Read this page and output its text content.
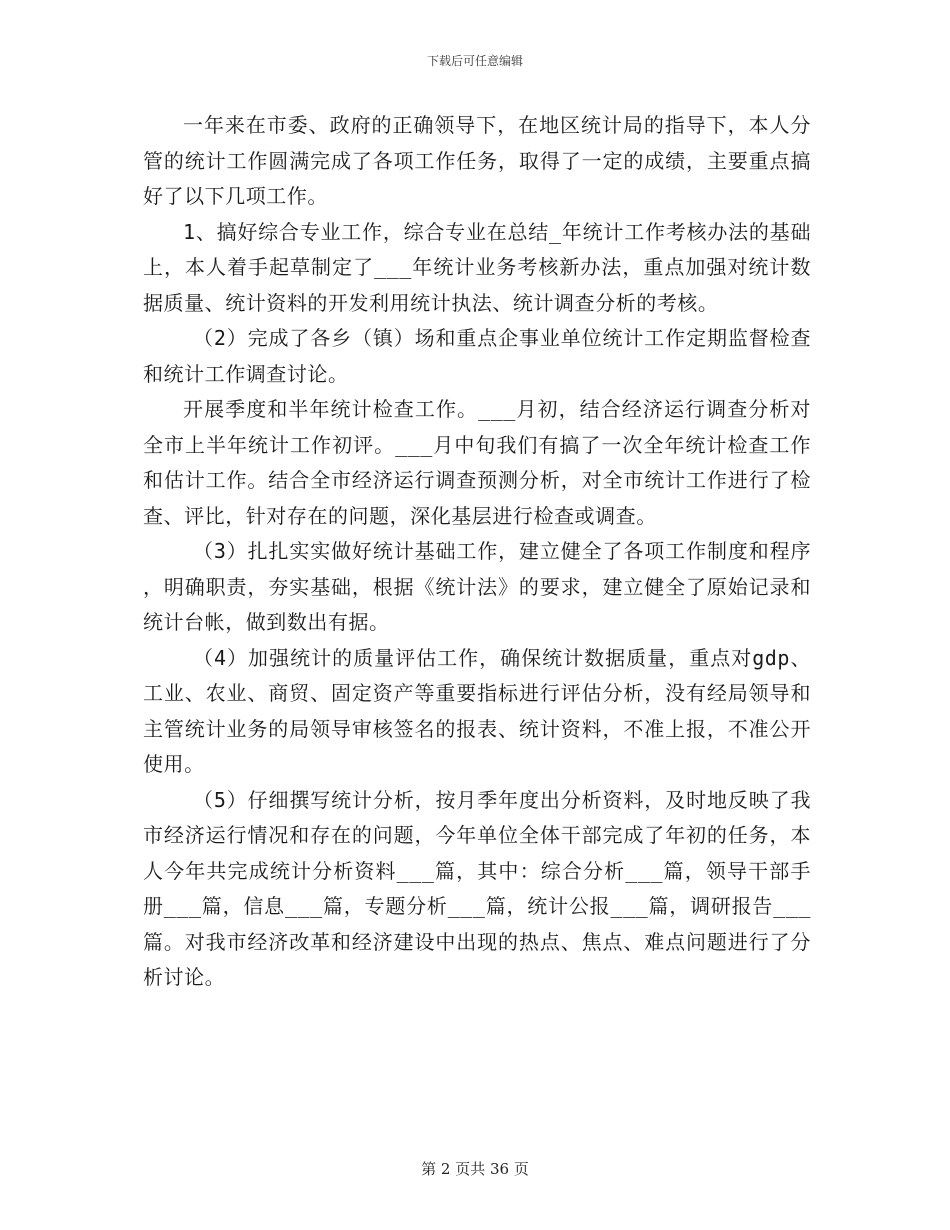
下载后可任意编辑

一年来在市委、政府的正确领导下，在地区统计局的指导下，本人分管的统计工作圆满完成了各项工作任务，取得了一定的成绩，主要重点搞好了以下几项工作。

1、搞好综合专业工作，综合专业在总结_年统计工作考核办法的基础上，本人着手起草制定了___年统计业务考核新办法，重点加强对统计数据质量、统计资料的开发利用统计执法、统计调查分析的考核。

（2）完成了各乡（镇）场和重点企事业单位统计工作定期监督检查和统计工作调查讨论。

开展季度和半年统计检查工作。___月初，结合经济运行调查分析对全市上半年统计工作初评。___月中旬我们有搞了一次全年统计检查工作和估计工作。结合全市经济运行调查预测分析，对全市统计工作进行了检查、评比，针对存在的问题，深化基层进行检查或调查。

（3）扎扎实实做好统计基础工作，建立健全了各项工作制度和程序，明确职责，夯实基础，根据《统计法》的要求，建立健全了原始记录和统计台帐，做到数出有据。

（4）加强统计的质量评估工作，确保统计数据质量，重点对gdp、工业、农业、商贸、固定资产等重要指标进行评估分析，没有经局领导和主管统计业务的局领导审核签名的报表、统计资料，不准上报，不准公开使用。

（5）仔细撰写统计分析，按月季年度出分析资料，及时地反映了我市经济运行情况和存在的问题，今年单位全体干部完成了年初的任务，本人今年共完成统计分析资料___篇，其中：综合分析___篇，领导干部手册___篇，信息___篇，专题分析___篇，统计公报___篇，调研报告___篇。对我市经济改革和经济建设中出现的热点、焦点、难点问题进行了分析讨论。

第 2 页共 36 页
